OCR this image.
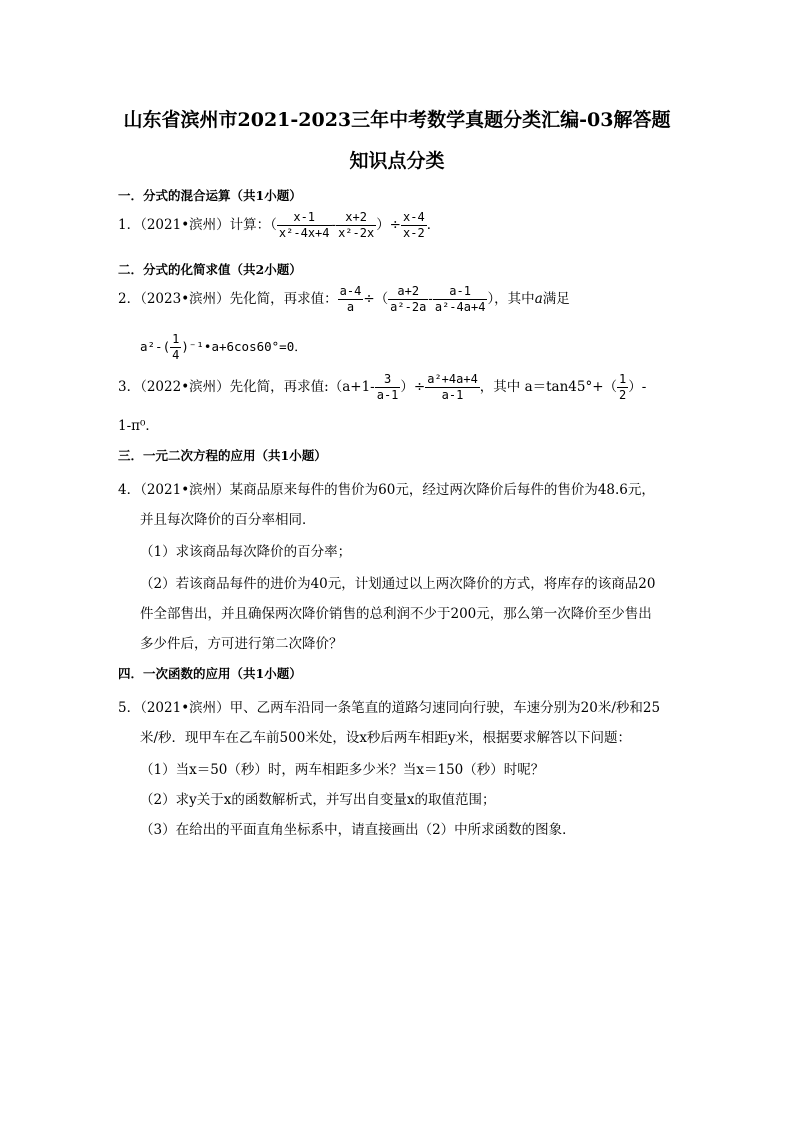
山东省滨州市2021-2023三年中考数学真题分类汇编-03解答题
知识点分类
一．分式的混合运算（共1小题）
1．（2021•滨州）计算：（ $\frac{x-1}{\text{x²-4x+4}} - \frac{x+2}{\text{x²-2x}}$ ）÷ $\frac{x-4}{x-2}$ ．
二．分式的化简求值（共2小题）
2．（2023•滨州）先化简，再求值： $\frac{a-4}{a}$ ÷（ $\frac{a+2}{\text{a²-2a}} - \frac{a-1}{\text{a²-4a+4}}$ ），其中a满足
$a^2-( \frac{1}{4}$ )⁻¹•a+6cos60°=0．
3．（2022•滨州）先化简，再求值:（a+1- $\frac{3}{a-1}$ ）÷ $\frac{\text{a²+4a+4}}{a-1}$ ，其中 $a=\tan 45^\circ+( \frac{1}{2}$ ）-
1-π⁰．
三．一元二次方程的应用（共1小题）
4．（2021•滨州）某商品原来每件的售价为60元，经过两次降价后每件的售价为48.6元，
并且每次降价的百分率相同．
（1）求该商品每次降价的百分率；
（2）若该商品每件的进价为40元，计划通过以上两次降价的方式，将库存的该商品20
件全部售出，并且确保两次降价销售的总利润不少于200元，那么第一次降价至少售出
多少件后，方可进行第二次降价？
四．一次函数的应用（共1小题）
5．（2021•滨州）甲、乙两车沿同一条笔直的道路匀速同向行驶，车速分别为20米/秒和25
米/秒．现甲车在乙车前500米处，设x秒后两车相距y米，根据要求解答以下问题：
（1）当x＝50（秒）时，两车相距多少米？当x＝150（秒）时呢？
（2）求y关于x的函数解析式，并写出自变量x的取值范围；
（3）在给出的平面直角坐标系中，请直接画出（2）中所求函数的图象．
